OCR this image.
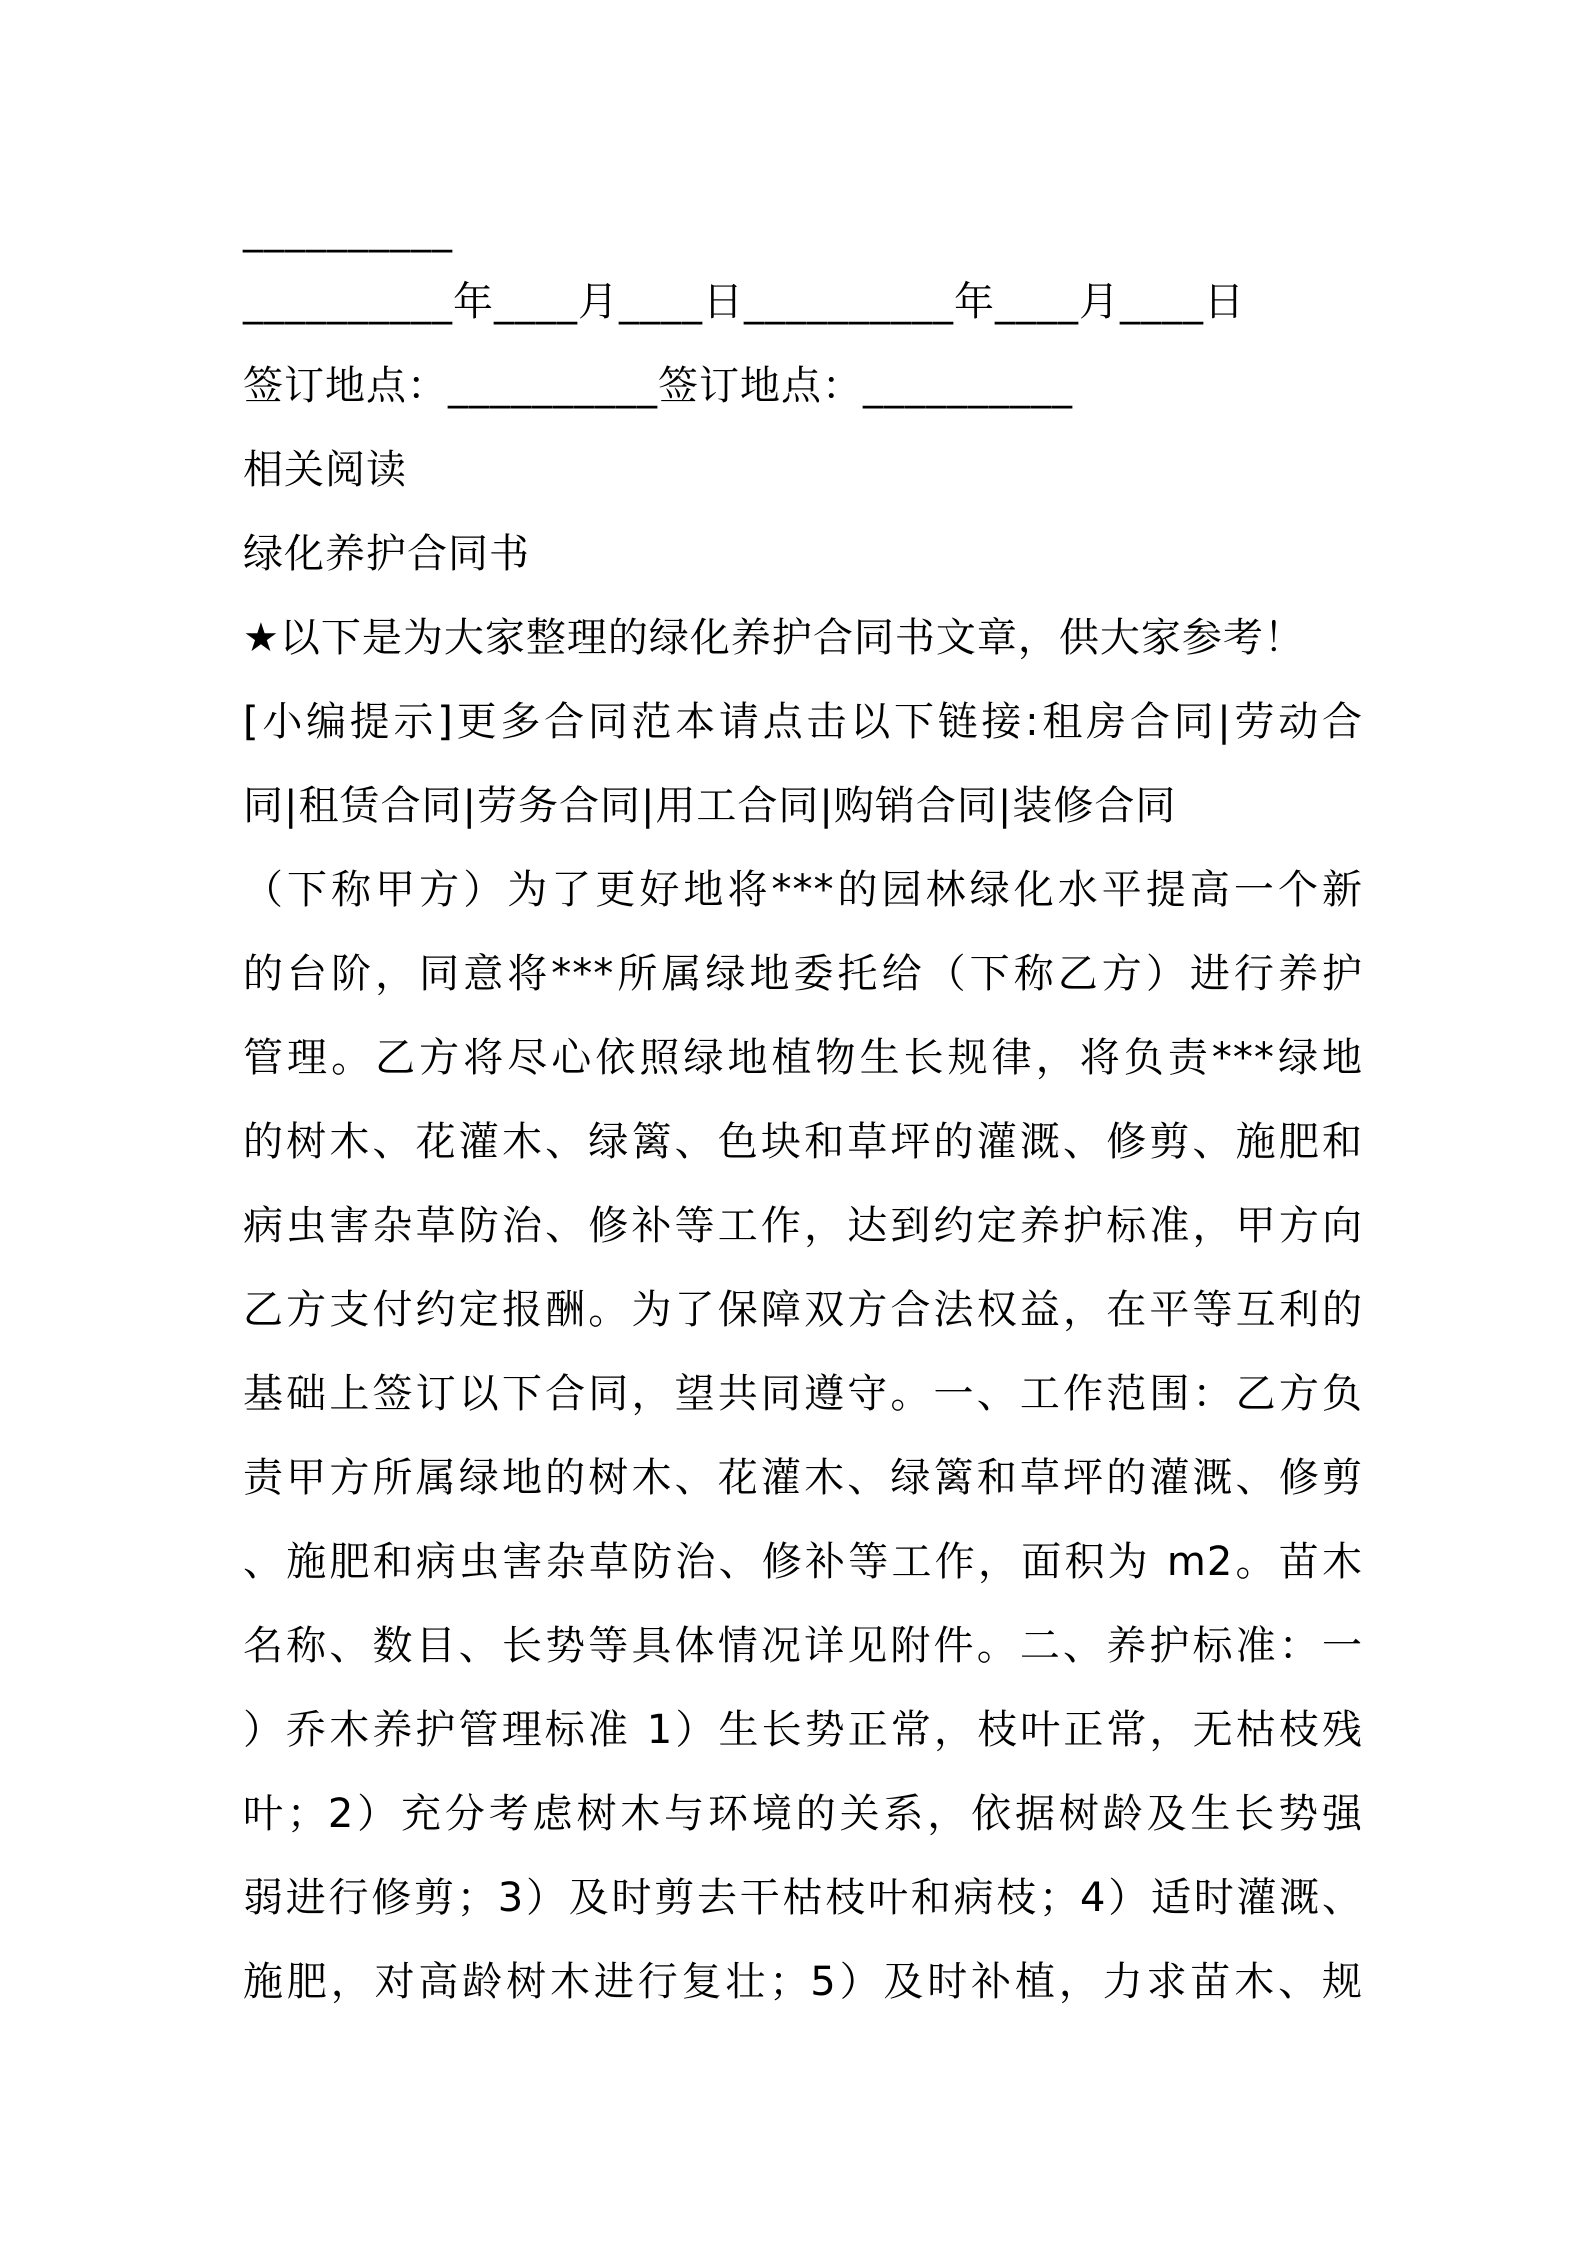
__________
__________年____月____日__________年____月____日
签订地点：__________签订地点：__________
相关阅读
绿化养护合同书
★以下是为大家整理的绿化养护合同书文章，供大家参考！
[小编提示]更多合同范本请点击以下链接:租房合同|劳动合
同|租赁合同|劳务合同|用工合同|购销合同|装修合同
（下称甲方）为了更好地将***的园林绿化水平提高一个新
的台阶，同意将***所属绿地委托给（下称乙方）进行养护
管理。乙方将尽心依照绿地植物生长规律，将负责***绿地
的树木、花灌木、绿篱、色块和草坪的灌溉、修剪、施肥和
病虫害杂草防治、修补等工作，达到约定养护标准，甲方向
乙方支付约定报酬。为了保障双方合法权益，在平等互利的
基础上签订以下合同，望共同遵守。一、工作范围：乙方负
责甲方所属绿地的树木、花灌木、绿篱和草坪的灌溉、修剪
、施肥和病虫害杂草防治、修补等工作，面积为 m2。苗木
名称、数目、长势等具体情况详见附件。二、养护标准：一
）乔木养护管理标准 1）生长势正常，枝叶正常，无枯枝残
叶；2）充分考虑树木与环境的关系，依据树龄及生长势强
弱进行修剪；3）及时剪去干枯枝叶和病枝；4）适时灌溉、
施肥，对高龄树木进行复壮；5）及时补植，力求苗木、规
